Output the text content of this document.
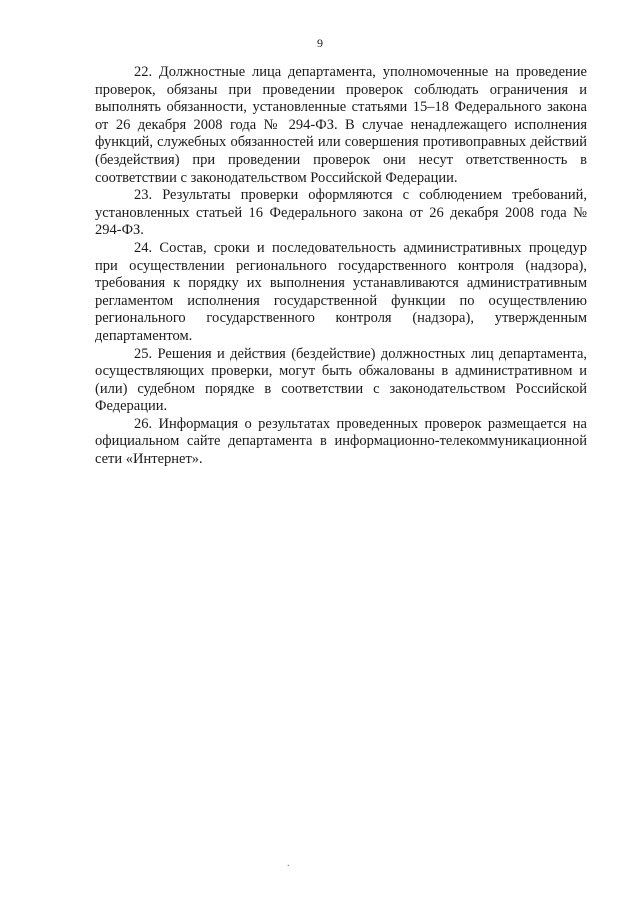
9

22. Должностные лица департамента, уполномоченные на проведение проверок, обязаны при проведении проверок соблюдать ограничения и выполнять обязанности, установленные статьями 15–18 Федерального закона от 26 декабря 2008 года № 294-ФЗ. В случае ненадлежащего исполнения функций, служебных обязанностей или совершения противоправных действий (бездействия) при проведении проверок они несут ответственность в соответствии с законодательством Российской Федерации.

23. Результаты проверки оформляются с соблюдением требований, установленных статьей 16 Федерального закона от 26 декабря 2008 года № 294-ФЗ.

24. Состав, сроки и последовательность административных процедур при осуществлении регионального государственного контроля (надзора), требования к порядку их выполнения устанавливаются административным регламентом исполнения государственной функции по осуществлению регионального государственного контроля (надзора), утвержденным департаментом.

25. Решения и действия (бездействие) должностных лиц департамента, осуществляющих проверки, могут быть обжалованы в административном и (или) судебном порядке в соответствии с законодательством Российской Федерации.

26. Информация о результатах проведенных проверок размещается на официальном сайте департамента в информационно-телекоммуникационной сети «Интернет».

.
